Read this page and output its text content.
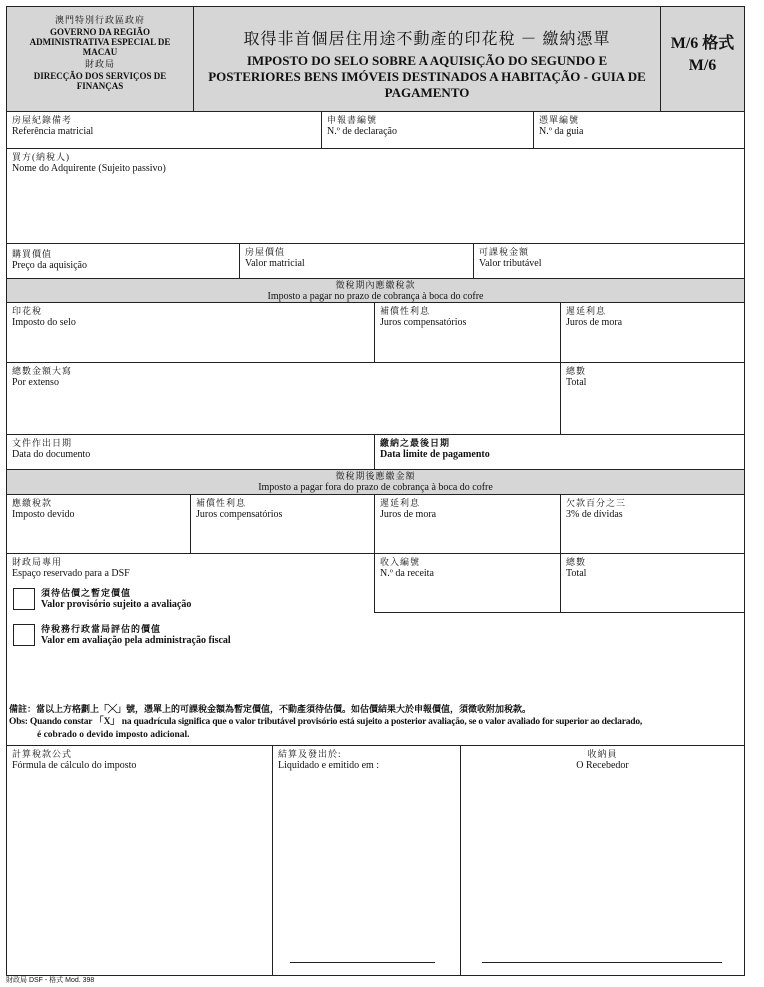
澳門特別行政區政府
GOVERNO DA REGIÃO ADMINISTRATIVA ESPECIAL DE MACAU
財政局
DIRECÇÃO DOS SERVIÇOS DE FINANÇAS
取得非首個居住用途不動產的印花稅 － 繳納憑單
IMPOSTO DO SELO SOBRE A AQUISIÇÃO DO SEGUNDO E POSTERIORES BENS IMÓVEIS DESTINADOS A HABITAÇÃO - GUIA DE PAGAMENTO
M/6 格式
M/6
房屋紀錄備考
Referência matricial
申報書編號
N.º de declaração
憑單編號
N.º da guia
買方(納稅人)
Nome do Adquirente (Sujeito passivo)
購買價值
Preço da aquisição
房屋價值
Valor matricial
可課稅金額
Valor tributável
徵稅期內應繳稅款
Imposto a pagar no prazo de cobrança à boca do cofre
印花稅
Imposto do selo
補償性利息
Juros compensatórios
遲延利息
Juros de mora
總數金額大寫
Por extenso
總數
Total
文件作出日期
Data do documento
繳納之最後日期
Data limite de pagamento
徵稅期後應繳金額
Imposto a pagar fora do prazo de cobrança à boca do cofre
應繳稅款
Imposto devido
補償性利息
Juros compensatórios
遲延利息
Juros de mora
欠款百分之三
3% de dívidas
財政局專用
Espaço reservado para a DSF
收入編號
N.º da receita
總數
Total
須待估價之暫定價值
Valor provisório sujeito a avaliação
待稅務行政當局評估的價值
Valor em avaliação pela administração fiscal
備註：當以上方格劃上「╳」號，憑單上的可課稅金額為暫定價值，不動產須待估價。如估價結果大於申報價值，須徵收附加稅款。
Obs: Quando constar 「X」 na quadrícula significa que o valor tributável provisório está sujeito a posterior avaliação, se o valor avaliado for superior ao declarado,
é cobrado o devido imposto adicional.
計算稅款公式
Fórmula de cálculo do imposto
結算及發出於:
Liquidado e emitido em :
收納員
O Recebedor
財政局 DSF - 格式 Mod. 398
